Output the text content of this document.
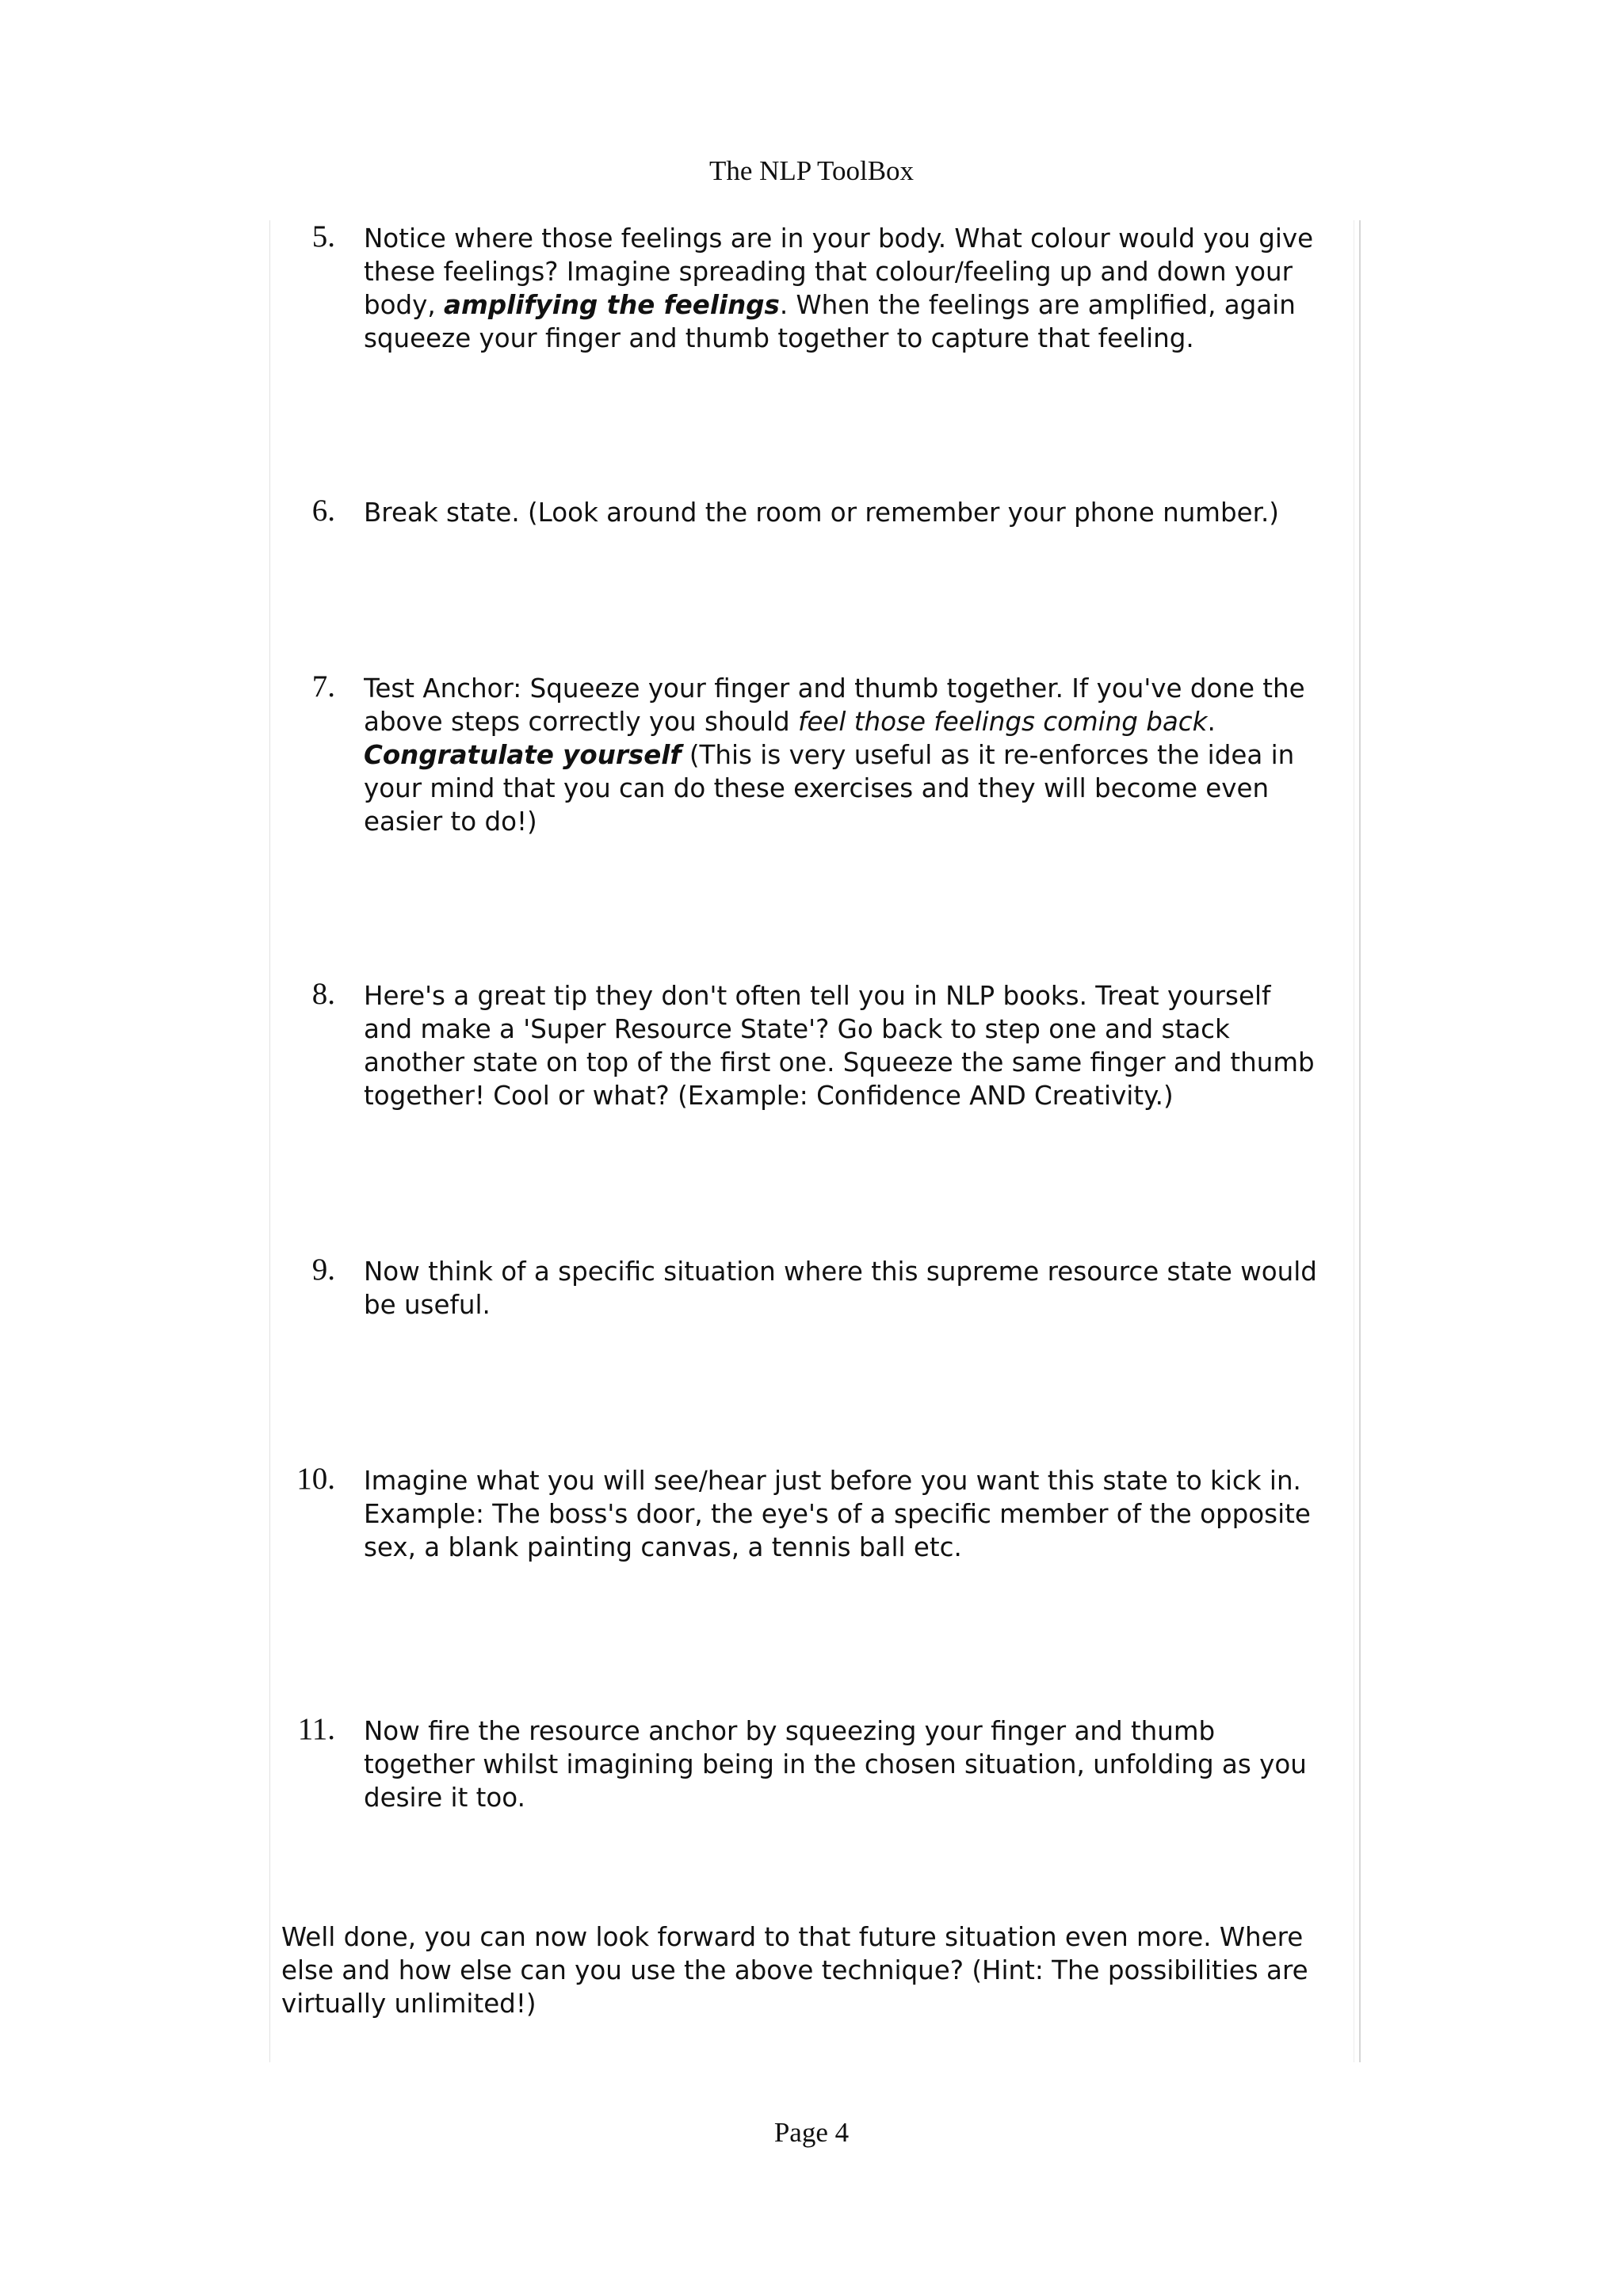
The NLP ToolBox
5. Notice where those feelings are in your body. What colour would you give
these feelings? Imagine spreading that colour/feeling up and down your
body, amplifying the feelings. When the feelings are amplified, again
squeeze your finger and thumb together to capture that feeling.
6. Break state. (Look around the room or remember your phone number.)
7. Test Anchor: Squeeze your finger and thumb together. If you've done the
above steps correctly you should feel those feelings coming back.
Congratulate yourself (This is very useful as it re-enforces the idea in
your mind that you can do these exercises and they will become even
easier to do!)
8. Here's a great tip they don't often tell you in NLP books. Treat yourself
and make a 'Super Resource State'? Go back to step one and stack
another state on top of the first one. Squeeze the same finger and thumb
together! Cool or what? (Example: Confidence AND Creativity.)
9. Now think of a specific situation where this supreme resource state would
be useful.
10. Imagine what you will see/hear just before you want this state to kick in.
Example: The boss's door, the eye's of a specific member of the opposite
sex, a blank painting canvas, a tennis ball etc.
11. Now fire the resource anchor by squeezing your finger and thumb
together whilst imagining being in the chosen situation, unfolding as you
desire it too.
Well done, you can now look forward to that future situation even more. Where
else and how else can you use the above technique? (Hint: The possibilities are
virtually unlimited!)
Page 4
